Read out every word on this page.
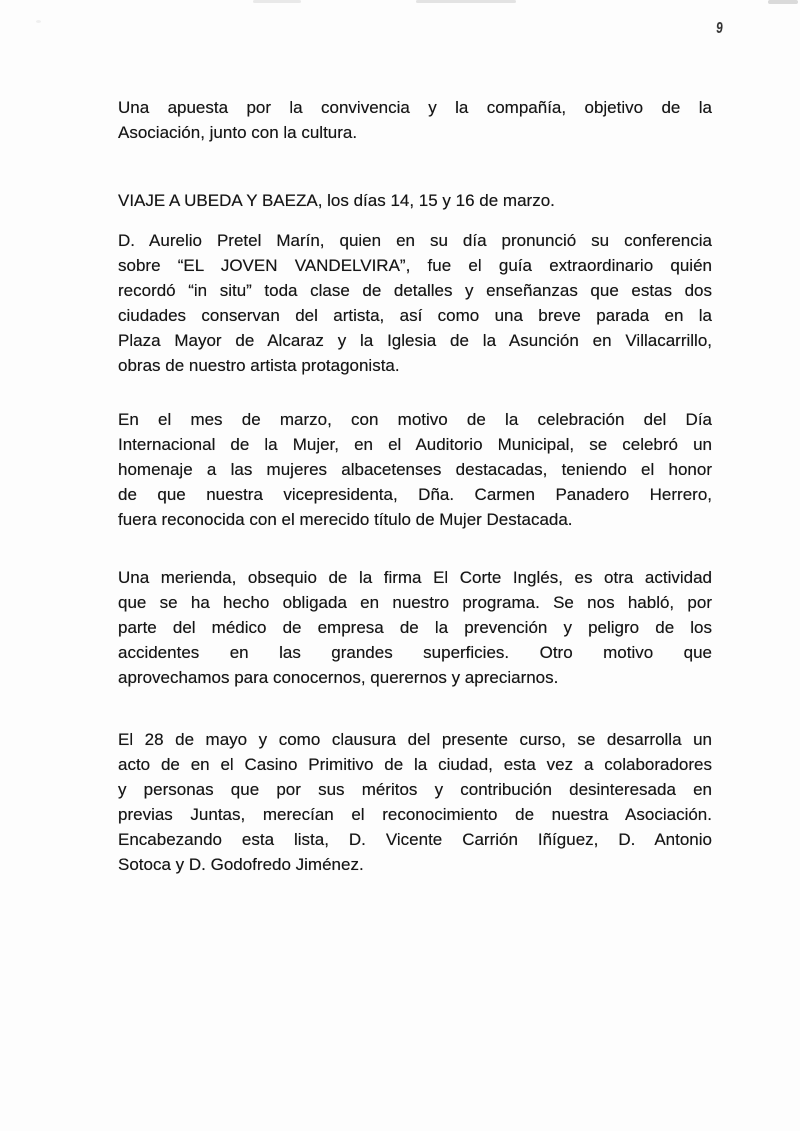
9
Una apuesta por la convivencia y la compañía, objetivo de la
Asociación, junto con la cultura.
VIAJE A UBEDA Y BAEZA, los días 14, 15 y 16 de marzo.
D. Aurelio Pretel Marín, quien en su día pronunció su conferencia
sobre “EL JOVEN VANDELVIRA”, fue el guía extraordinario quién
recordó “in situ” toda clase de detalles y enseñanzas que estas dos
ciudades conservan del artista, así como una breve parada en la
Plaza Mayor de Alcaraz y la Iglesia de la Asunción en Villacarrillo,
obras de nuestro artista protagonista.
En el mes de marzo, con motivo de la celebración del Día
Internacional de la Mujer, en el Auditorio Municipal, se celebró un
homenaje a las mujeres albacetenses destacadas, teniendo el honor
de que nuestra vicepresidenta, Dña. Carmen Panadero Herrero,
fuera reconocida con el merecido título de Mujer Destacada.
Una merienda, obsequio de la firma El Corte Inglés, es otra actividad
que se ha hecho obligada en nuestro programa. Se nos habló, por
parte del médico de empresa de la prevención y peligro de los
accidentes en las grandes superficies. Otro motivo que
aprovechamos para conocernos, querernos y apreciarnos.
El 28 de mayo y como clausura del presente curso, se desarrolla un
acto de en el Casino Primitivo de la ciudad, esta vez a colaboradores
y personas que por sus méritos y contribución desinteresada en
previas Juntas, merecían el reconocimiento de nuestra Asociación.
Encabezando esta lista, D. Vicente Carrión Iñíguez, D. Antonio
Sotoca y D. Godofredo Jiménez.
